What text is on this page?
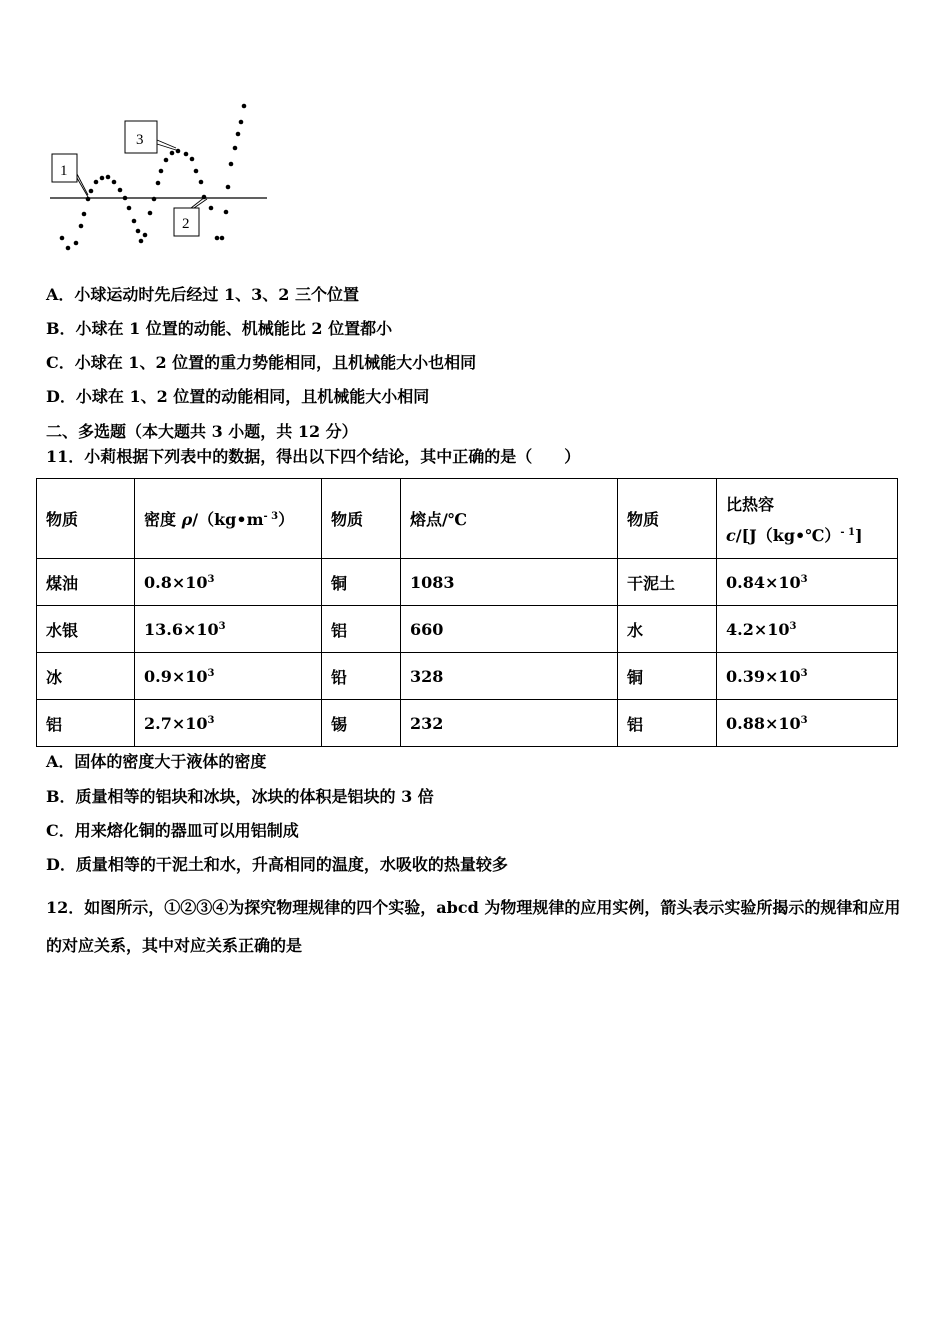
1
3
2
A．小球运动时先后经过 1、3、2 三个位置
B．小球在 1 位置的动能、机械能比 2 位置都小
C．小球在 1、2 位置的重力势能相同，且机械能大小也相同
D．小球在 1、2 位置的动能相同，且机械能大小相同
二、多选题（本大题共 3 小题，共 12 分）
11．小莉根据下列表中的数据，得出以下四个结论，其中正确的是（　　）
物质	密度 $\rho/(kg•m^{- 3})$	物质	熔点/℃	物质	比热容
c/[J（kg•℃）$^{- 1}$]

煤油	$0.8\times 10^3$	铜	1083	干泥土	$0.84\times 10^3$
水银	$13.6\times 10^3$	铝	660	水	$4.2\times 10^3$
冰	$0.9\times 10^3$	铅	328	铜	$0.39\times 10^3$
铝	$2.7\times 10^3$	锡	232	铝	$0.88\times 10^3$
A．固体的密度大于液体的密度
B．质量相等的铝块和冰块，冰块的体积是铝块的 3 倍
C．用来熔化铜的器皿可以用铝制成
D．质量相等的干泥土和水，升高相同的温度，水吸收的热量较多
12．如图所示，①②③④为探究物理规律的四个实验，abcd 为物理规律的应用实例，箭头表示实验所揭示的规律和应用的对应关系，其中对应关系正确的是
